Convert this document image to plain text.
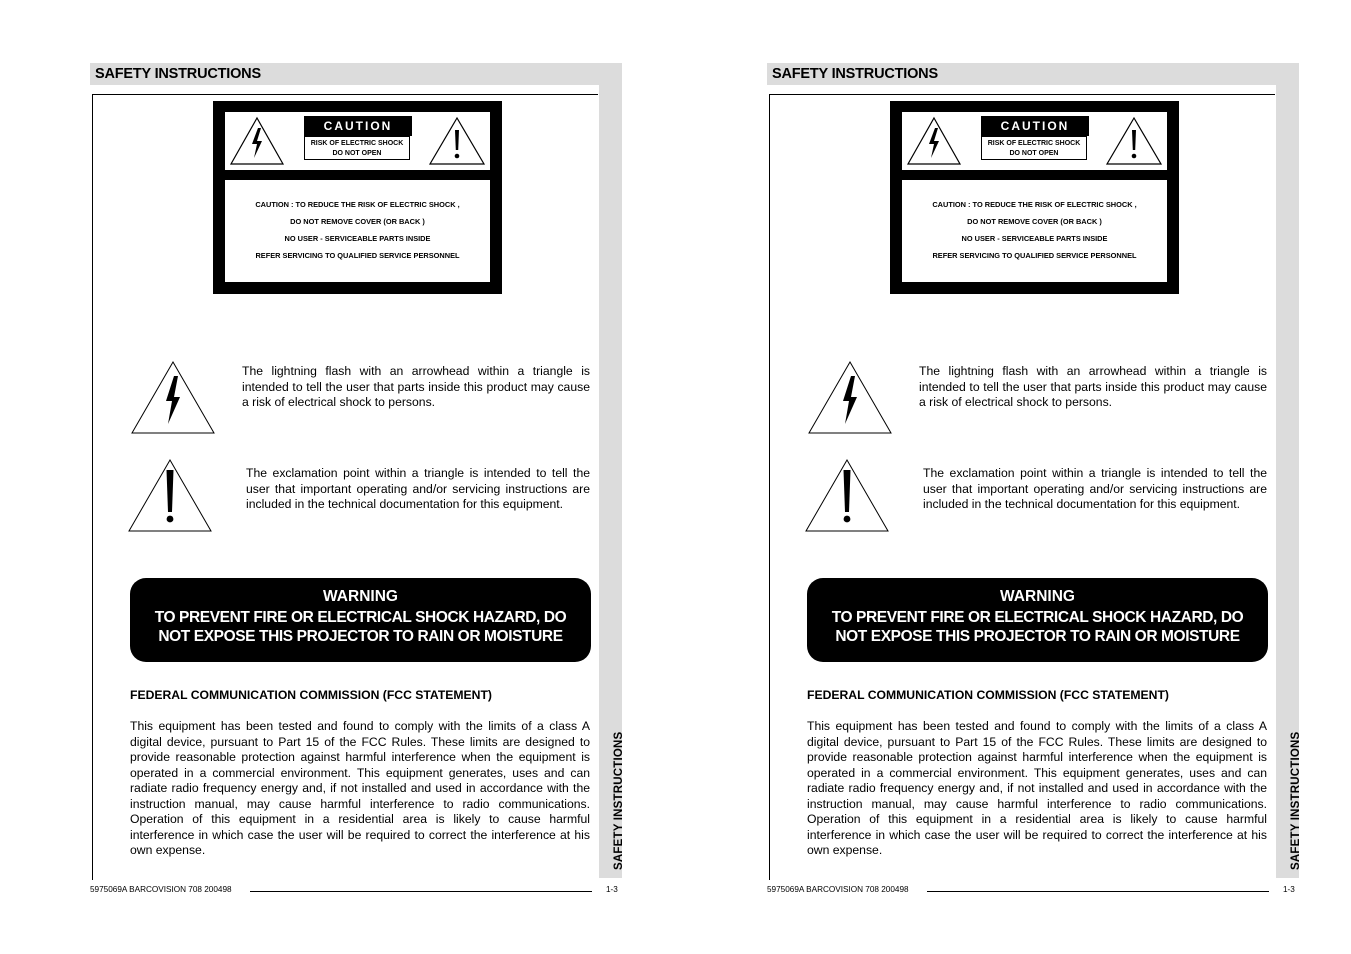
SAFETY INSTRUCTIONS
SAFETY INSTRUCTIONS
CAUTION
RISK OF ELECTRIC SHOCK
DO NOT OPEN
CAUTION : TO REDUCE THE RISK OF ELECTRIC SHOCK ,
DO NOT REMOVE COVER (OR BACK )
NO USER - SERVICEABLE PARTS INSIDE
REFER SERVICING TO QUALIFIED SERVICE PERSONNEL
The lightning flash with an arrowhead within a triangle is intended to tell the user that parts inside this product may cause a risk of electrical shock to persons.
The exclamation point within a triangle is intended to tell the user that important operating and/or servicing instructions are included in the technical documentation for this equipment.
WARNING
TO PREVENT FIRE OR ELECTRICAL SHOCK HAZARD, DO
NOT EXPOSE THIS PROJECTOR TO RAIN OR MOISTURE
FEDERAL COMMUNICATION COMMISSION (FCC STATEMENT)
This equipment has been tested and found to comply with the limits of a class A digital device, pursuant to Part 15 of the FCC Rules. These limits are designed to provide reasonable protection against harmful interference when the equipment is operated in a commercial environment. This equipment generates, uses and can radiate radio frequency energy and, if not installed and used in accordance with the instruction manual, may cause harmful interference to radio communications. Operation of this equipment in a residential area is likely to cause harmful interference in which case the user will be required to correct the interference at his own expense.
5975069A BARCOVISION 708 200498	1-3
SAFETY INSTRUCTIONS
SAFETY INSTRUCTIONS
CAUTION
RISK OF ELECTRIC SHOCK
DO NOT OPEN
CAUTION : TO REDUCE THE RISK OF ELECTRIC SHOCK ,
DO NOT REMOVE COVER (OR BACK )
NO USER - SERVICEABLE PARTS INSIDE
REFER SERVICING TO QUALIFIED SERVICE PERSONNEL
The lightning flash with an arrowhead within a triangle is intended to tell the user that parts inside this product may cause a risk of electrical shock to persons.
The exclamation point within a triangle is intended to tell the user that important operating and/or servicing instructions are included in the technical documentation for this equipment.
WARNING
TO PREVENT FIRE OR ELECTRICAL SHOCK HAZARD, DO
NOT EXPOSE THIS PROJECTOR TO RAIN OR MOISTURE
FEDERAL COMMUNICATION COMMISSION (FCC STATEMENT)
This equipment has been tested and found to comply with the limits of a class A digital device, pursuant to Part 15 of the FCC Rules. These limits are designed to provide reasonable protection against harmful interference when the equipment is operated in a commercial environment. This equipment generates, uses and can radiate radio frequency energy and, if not installed and used in accordance with the instruction manual, may cause harmful interference to radio communications. Operation of this equipment in a residential area is likely to cause harmful interference in which case the user will be required to correct the interference at his own expense.
5975069A BARCOVISION 708 200498	1-3
